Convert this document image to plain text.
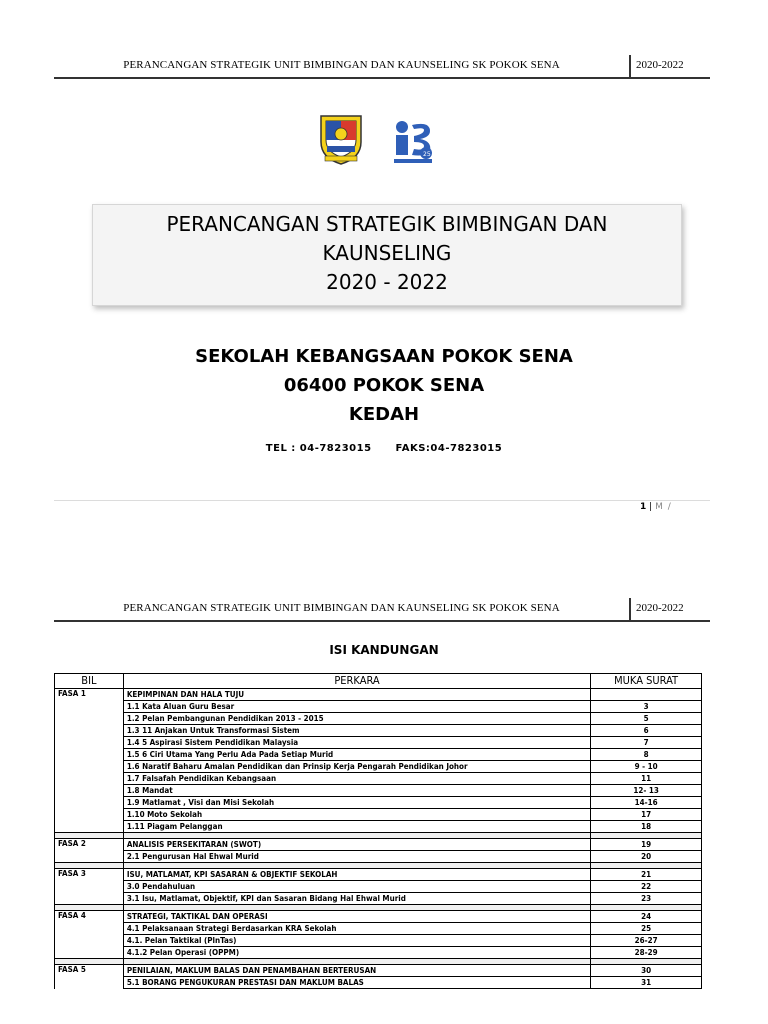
PERANCANGAN STRATEGIK UNIT BIMBINGAN DAN KAUNSELING SK POKOK SENA	2020-2022
25
PERANCANGAN STRATEGIK BIMBINGAN DAN
KAUNSELING
2020 - 2022
SEKOLAH KEBANGSAAN POKOK SENA
06400 POKOK SENA
KEDAH
TEL : 04-7823015 FAKS:04-7823015
1 | M /
PERANCANGAN STRATEGIK UNIT BIMBINGAN DAN KAUNSELING SK POKOK SENA	2020-2022
ISI KANDUNGAN
BIL	PERKARA	MUKA SURAT
FASA 1	KEPIMPINAN DAN HALA TUJU	
	1.1 Kata Aluan Guru Besar	3
	1.2 Pelan Pembangunan Pendidikan 2013 - 2015	5
	1.3 11 Anjakan Untuk Transformasi Sistem	6
	1.4 5 Aspirasi Sistem Pendidikan Malaysia	7
	1.5 6 Ciri Utama Yang Perlu Ada Pada Setiap Murid	8
	1.6 Naratif Baharu Amalan Pendidikan dan Prinsip Kerja Pengarah Pendidikan Johor	9 - 10
	1.7 Falsafah Pendidikan Kebangsaan	11
	1.8 Mandat	12- 13
	1.9 Matlamat , Visi dan Misi Sekolah	14-16
	1.10 Moto Sekolah	17
	1.11 Piagam Pelanggan	18

FASA 2	ANALISIS PERSEKITARAN (SWOT)	19
	2.1 Pengurusan Hal Ehwal Murid	20

FASA 3	ISU, MATLAMAT, KPI SASARAN & OBJEKTIF SEKOLAH	21
	3.0 Pendahuluan	22
	3.1 Isu, Matlamat, Objektif, KPI dan Sasaran Bidang Hal Ehwal Murid	23

FASA 4	STRATEGI, TAKTIKAL DAN OPERASI	24
	4.1 Pelaksanaan Strategi Berdasarkan KRA Sekolah	25
	4.1. Pelan Taktikal (PlnTas)	26-27
	4.1.2 Pelan Operasi (OPPM)	28-29

FASA 5	PENILAIAN, MAKLUM BALAS DAN PENAMBAHAN BERTERUSAN	30
	5.1 BORANG PENGUKURAN PRESTASI DAN MAKLUM BALAS	31
